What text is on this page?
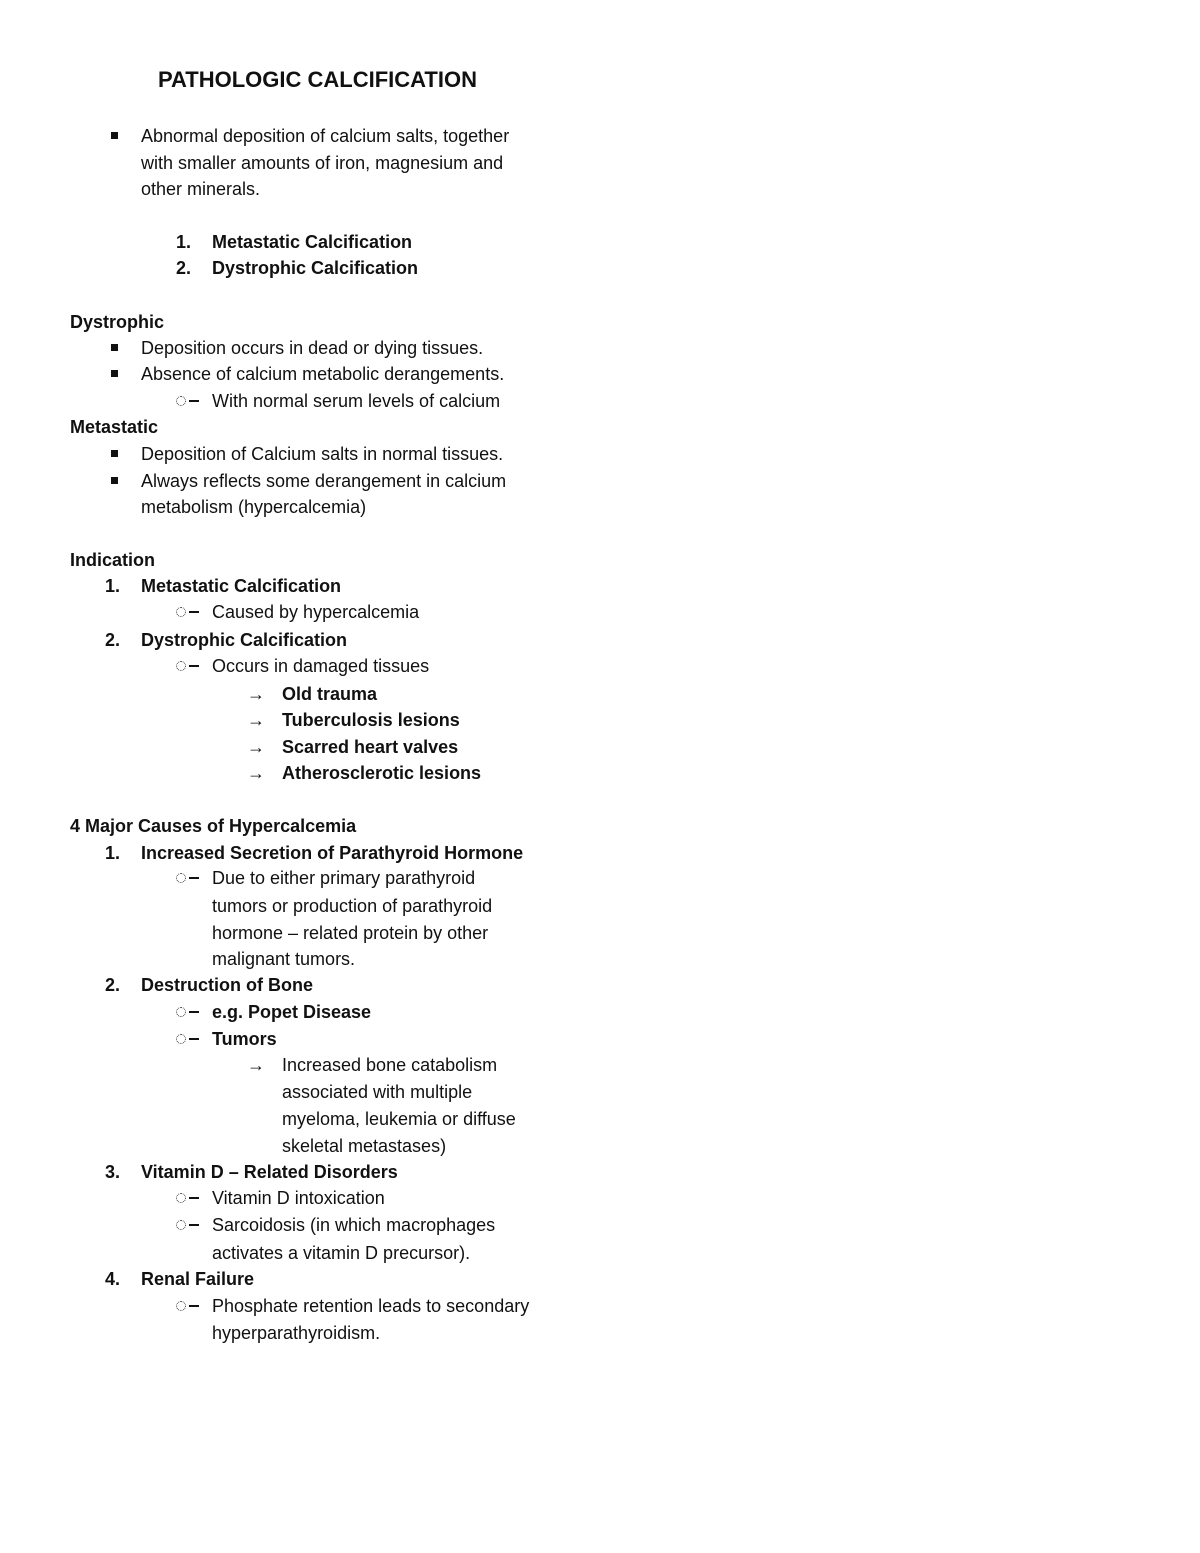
PATHOLOGIC CALCIFICATION
Abnormal deposition of calcium salts, together
with smaller amounts of iron, magnesium and
other minerals.
1. Metastatic Calcification
2. Dystrophic Calcification
Dystrophic
Deposition occurs in dead or dying tissues.
Absence of calcium metabolic derangements.
With normal serum levels of calcium
Metastatic
Deposition of Calcium salts in normal tissues.
Always reflects some derangement in calcium
metabolism (hypercalcemia)
Indication
1. Metastatic Calcification
Caused by hypercalcemia
2. Dystrophic Calcification
Occurs in damaged tissues
→ Old trauma
→ Tuberculosis lesions
→ Scarred heart valves
→ Atherosclerotic lesions
4 Major Causes of Hypercalcemia
1. Increased Secretion of Parathyroid Hormone
Due to either primary parathyroid
tumors or production of parathyroid
hormone – related protein by other
malignant tumors.
2. Destruction of Bone
e.g. Popet Disease
Tumors
→ Increased bone catabolism
associated with multiple
myeloma, leukemia or diffuse
skeletal metastases)
3. Vitamin D – Related Disorders
Vitamin D intoxication
Sarcoidosis (in which macrophages
activates a vitamin D precursor).
4. Renal Failure
Phosphate retention leads to secondary
hyperparathyroidism.
